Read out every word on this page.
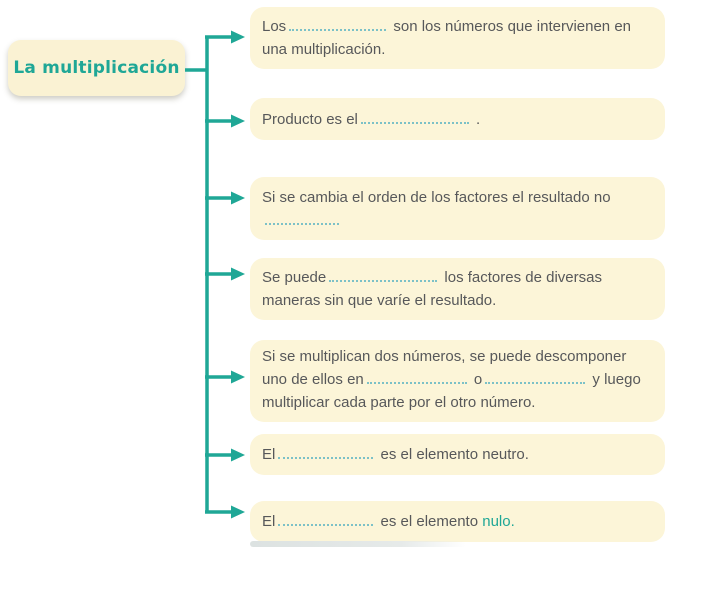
La multiplicación
Los	son los números que intervienen en una multiplicación.
Producto es el	.
Si se cambia el orden de los factores el resultado no
Se puede	los factores de diversas maneras sin que varíe el resultado.
Si se multiplican dos números, se puede descomponer uno de ellos en	o	y luego multiplicar cada parte por el otro número.
El	es el elemento neutro.
El	es el elemento nulo.
